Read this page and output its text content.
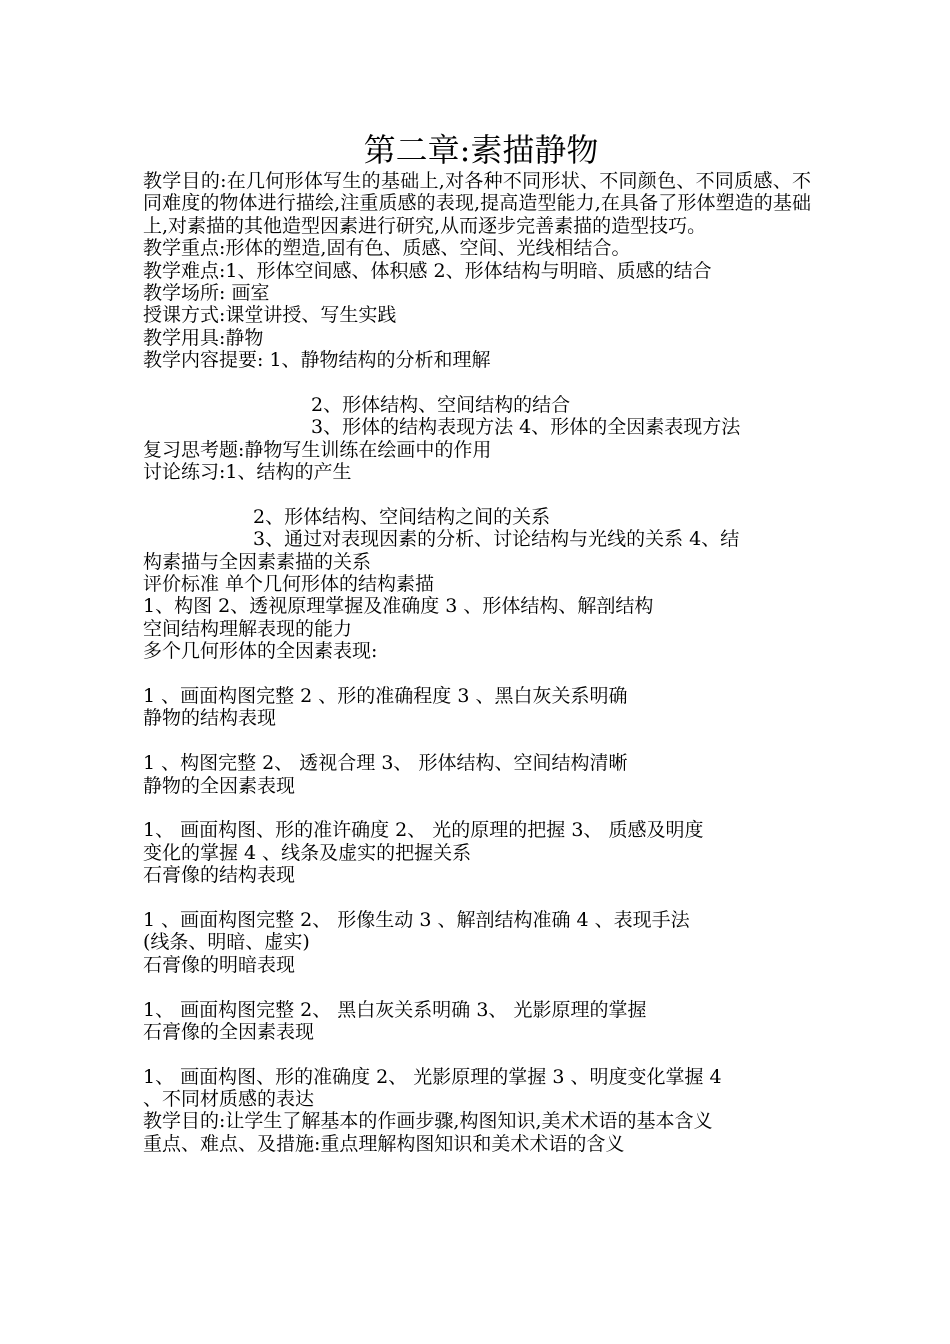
第二章:素描静物
教学目的:在几何形体写生的基础上,对各种不同形状、不同颜色、不同质感、不同难度的物体进行描绘,注重质感的表现,提高造型能力,在具备了形体塑造的基础上,对素描的其他造型因素进行研究,从而逐步完善素描的造型技巧。
教学重点:形体的塑造,固有色、质感、空间、光线相结合。
教学难点:1、形体空间感、体积感 2、形体结构与明暗、质感的结合
教学场所: 画室
授课方式:课堂讲授、写生实践
教学用具:静物
教学内容提要: 1、静物结构的分析和理解
2、形体结构、空间结构的结合
3、形体的结构表现方法 4、形体的全因素表现方法
复习思考题:静物写生训练在绘画中的作用
讨论练习:1、结构的产生
2、形体结构、空间结构之间的关系
3、通过对表现因素的分析、讨论结构与光线的关系 4、结
构素描与全因素素描的关系
评价标准 单个几何形体的结构素描
1、构图 2、透视原理掌握及准确度 3 、形体结构、解剖结构
空间结构理解表现的能力
多个几何形体的全因素表现:
1 、画面构图完整 2 、形的准确程度 3 、黑白灰关系明确
静物的结构表现
1 、构图完整 2、 透视合理 3、 形体结构、空间结构清晰
静物的全因素表现
1、 画面构图、形的准许确度 2、 光的原理的把握 3、 质感及明度
变化的掌握 4 、线条及虚实的把握关系
石膏像的结构表现
1 、画面构图完整 2、 形像生动 3 、解剖结构准确 4 、表现手法
(线条、明暗、虚实)
石膏像的明暗表现
1、 画面构图完整 2、 黑白灰关系明确 3、 光影原理的掌握
石膏像的全因素表现
1、 画面构图、形的准确度 2、 光影原理的掌握 3 、明度变化掌握 4
、不同材质感的表达
教学目的:让学生了解基本的作画步骤,构图知识,美术术语的基本含义
重点、难点、及措施:重点理解构图知识和美术术语的含义
